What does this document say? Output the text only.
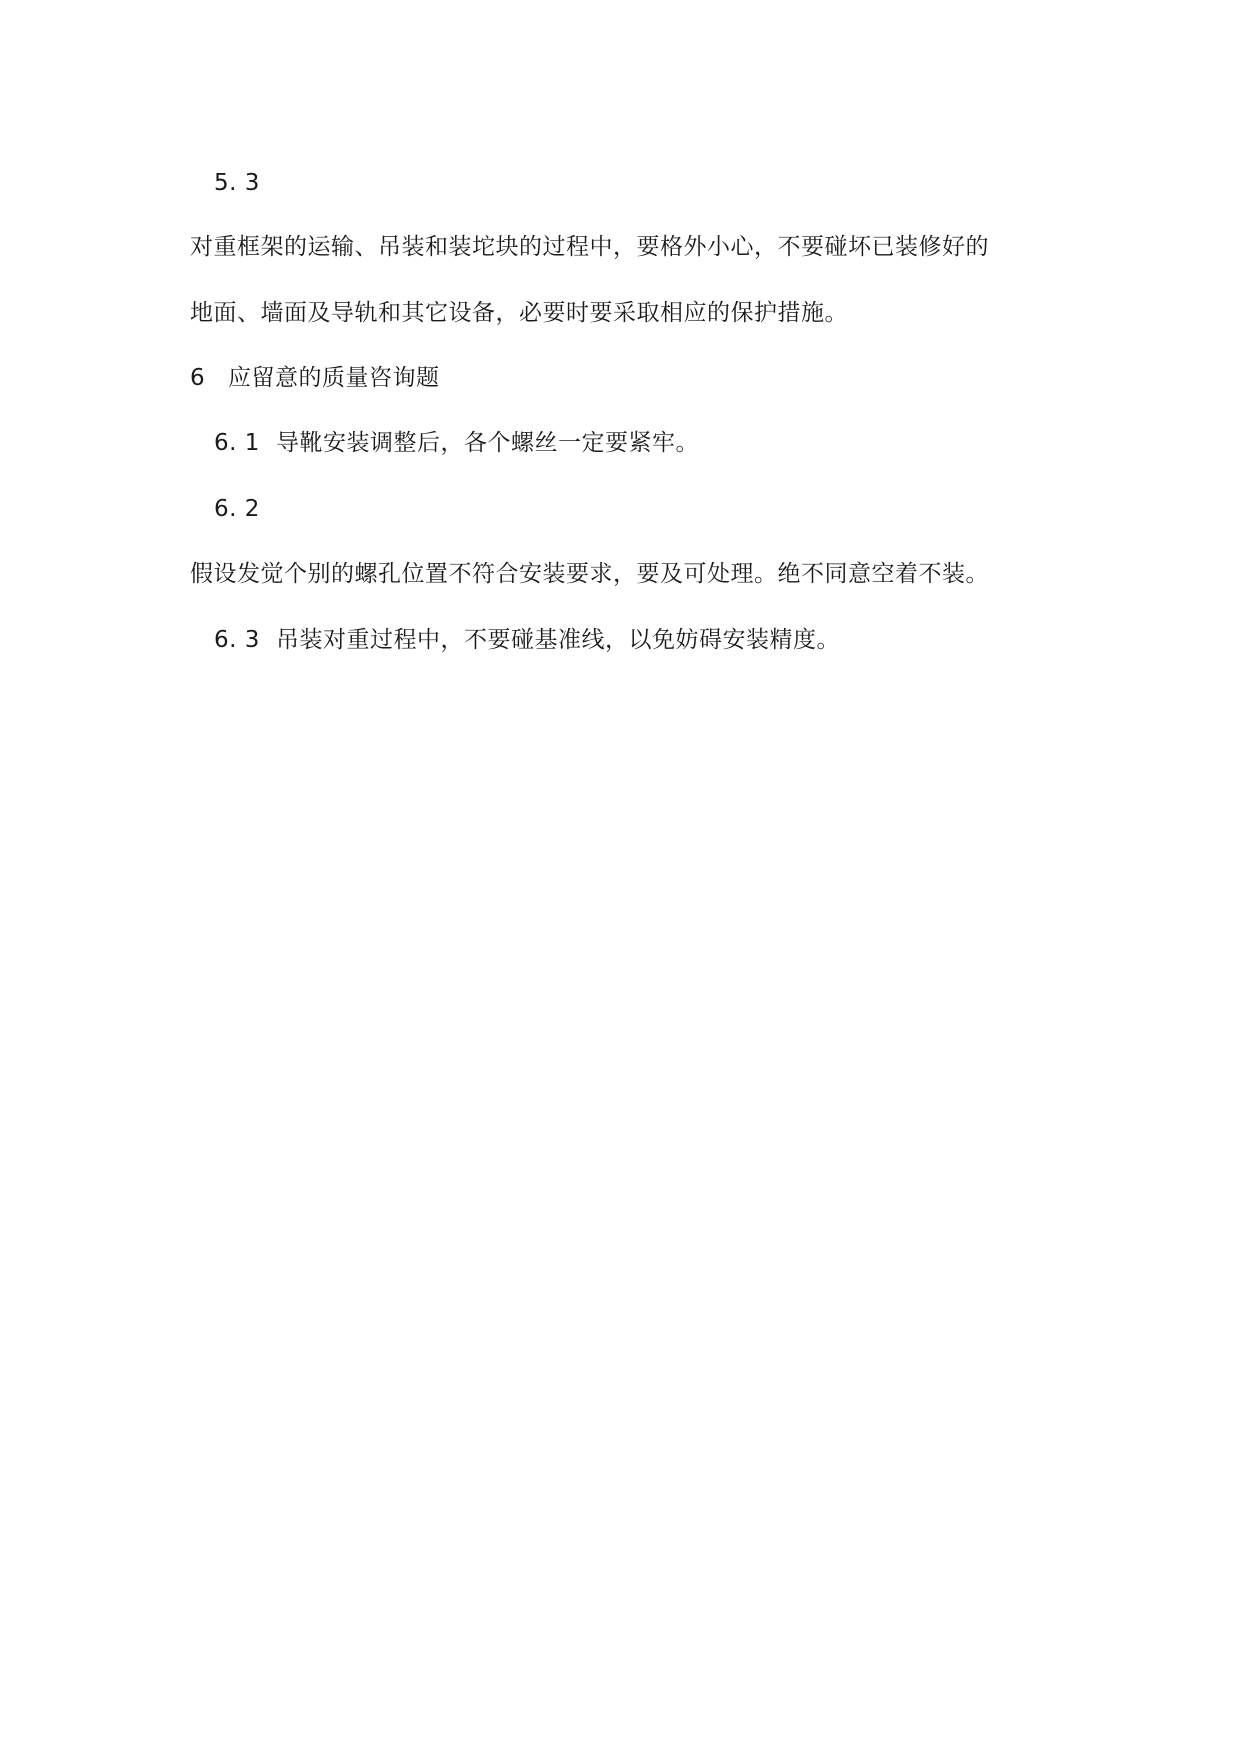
5. 3
对重框架的运输、吊装和装坨块的过程中，要格外小心，不要碰坏已装修好的
地面、墙面及导轨和其它设备，必要时要采取相应的保护措施。
6 应留意的质量咨询题
6. 1 导靴安装调整后，各个螺丝一定要紧牢。
6. 2
假设发觉个别的螺孔位置不符合安装要求，要及可处理。绝不同意空着不装。
6. 3 吊装对重过程中，不要碰基准线，以免妨碍安装精度。
